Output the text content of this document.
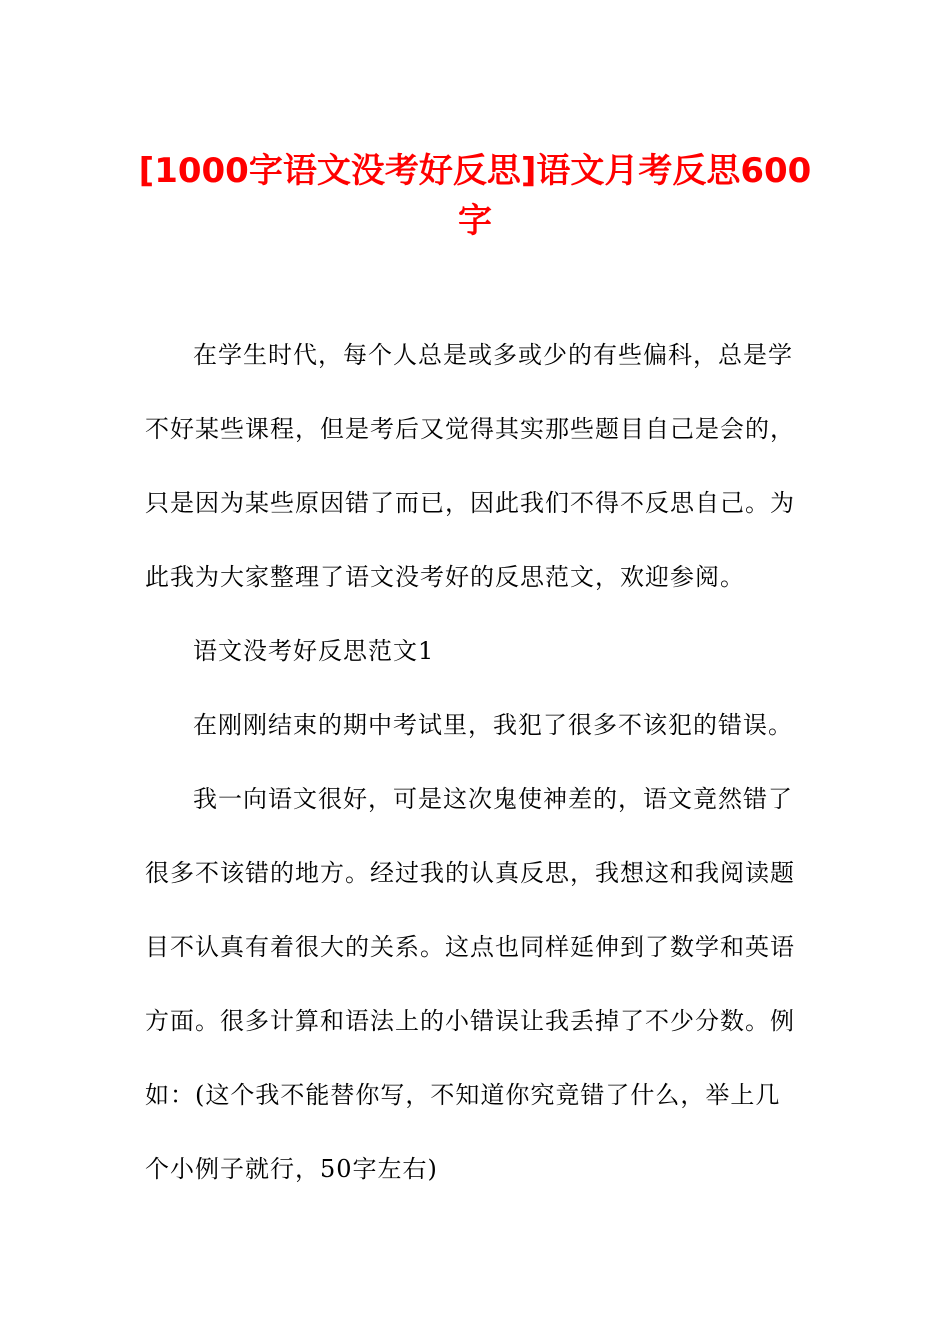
[1000字语文没考好反思]语文月考反思600字

在学生时代，每个人总是或多或少的有些偏科，总是学不好某些课程，但是考后又觉得其实那些题目自己是会的，只是因为某些原因错了而已，因此我们不得不反思自己。为此我为大家整理了语文没考好的反思范文，欢迎参阅。

语文没考好反思范文1

在刚刚结束的期中考试里，我犯了很多不该犯的错误。

我一向语文很好，可是这次鬼使神差的，语文竟然错了很多不该错的地方。经过我的认真反思，我想这和我阅读题目不认真有着很大的关系。这点也同样延伸到了数学和英语方面。很多计算和语法上的小错误让我丢掉了不少分数。例如：(这个我不能替你写，不知道你究竟错了什么，举上几个小例子就行，50字左右)
